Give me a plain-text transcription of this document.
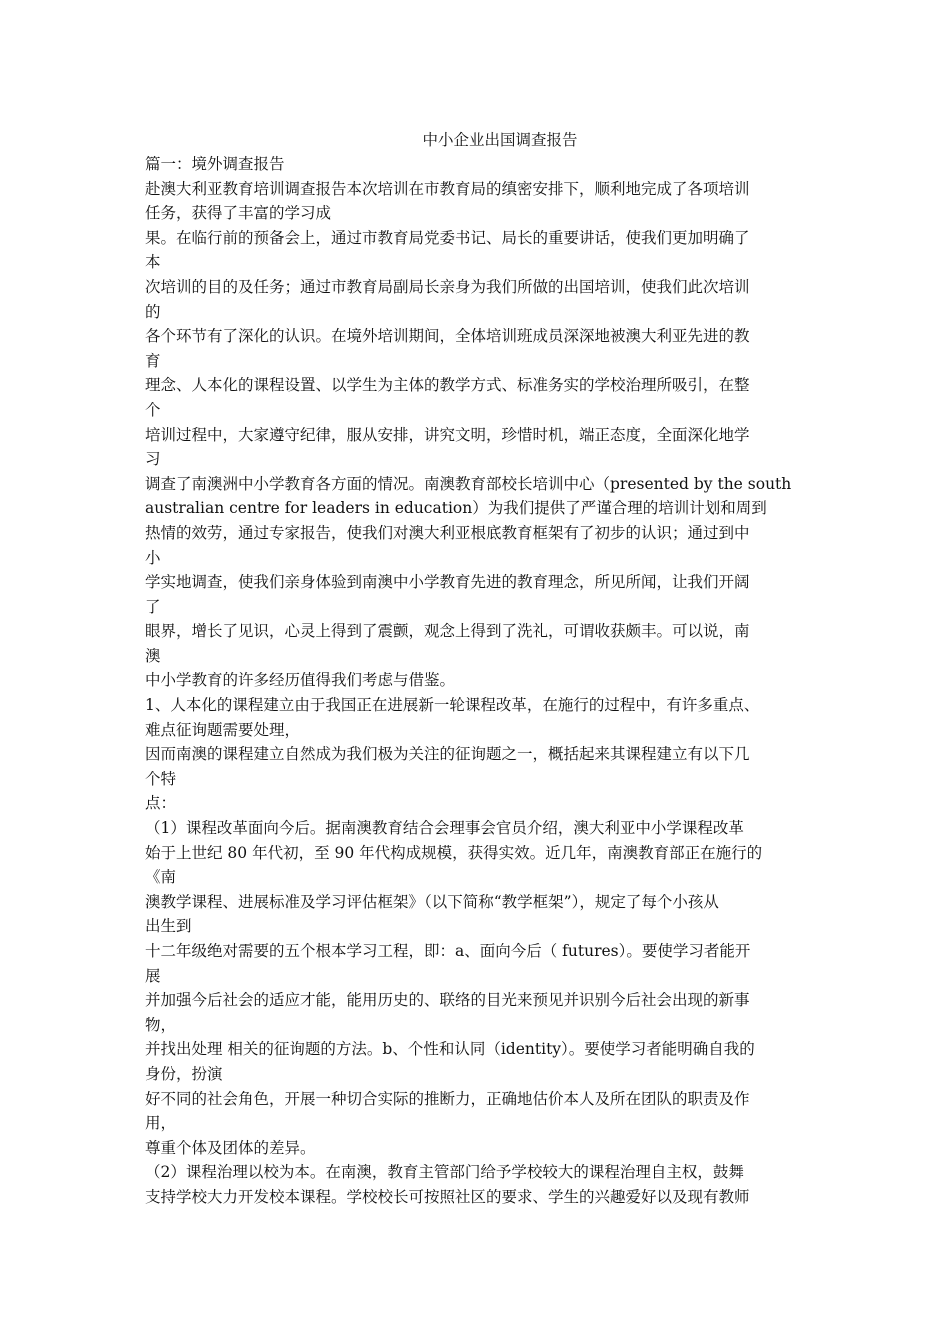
中小企业出国调查报告
篇一：境外调查报告
赴澳大利亚教育培训调查报告本次培训在市教育局的缜密安排下，顺利地完成了各项培训
任务，获得了丰富的学习成
果。在临行前的预备会上，通过市教育局党委书记、局长的重要讲话，使我们更加明确了
本
次培训的目的及任务；通过市教育局副局长亲身为我们所做的出国培训，使我们此次培训
的
各个环节有了深化的认识。在境外培训期间，全体培训班成员深深地被澳大利亚先进的教
育
理念、人本化的课程设置、以学生为主体的教学方式、标准务实的学校治理所吸引，在整
个
培训过程中，大家遵守纪律，服从安排，讲究文明，珍惜时机，端正态度，全面深化地学
习
调查了南澳洲中小学教育各方面的情况。南澳教育部校长培训中心（presented by the south
australian centre for leaders in education）为我们提供了严谨合理的培训计划和周到
热情的效劳，通过专家报告，使我们对澳大利亚根底教育框架有了初步的认识；通过到中
小
学实地调查，使我们亲身体验到南澳中小学教育先进的教育理念，所见所闻，让我们开阔
了
眼界，增长了见识，心灵上得到了震颤，观念上得到了洗礼，可谓收获颇丰。可以说，南
澳
中小学教育的许多经历值得我们考虑与借鉴。
1、人本化的课程建立由于我国正在进展新一轮课程改革，在施行的过程中，有许多重点、
难点征询题需要处理，
因而南澳的课程建立自然成为我们极为关注的征询题之一，概括起来其课程建立有以下几
个特
点：
（1）课程改革面向今后。据南澳教育结合会理事会官员介绍，澳大利亚中小学课程改革
始于上世纪 80 年代初，至 90 年代构成规模，获得实效。近几年，南澳教育部正在施行的
《南
澳教学课程、进展标准及学习评估框架》（以下简称“教学框架”），规定了每个小孩从
出生到
十二年级绝对需要的五个根本学习工程，即：a、面向今后（ futures）。要使学习者能开
展
并加强今后社会的适应才能，能用历史的、联络的目光来预见并识别今后社会出现的新事
物，
并找出处理 相关的征询题的方法。b、个性和认同（identity）。要使学习者能明确自我的
身份，扮演
好不同的社会角色，开展一种切合实际的推断力，正确地估价本人及所在团队的职责及作
用，
尊重个体及团体的差异。
（2）课程治理以校为本。在南澳，教育主管部门给予学校较大的课程治理自主权，鼓舞
支持学校大力开发校本课程。学校校长可按照社区的要求、学生的兴趣爱好以及现有教师
